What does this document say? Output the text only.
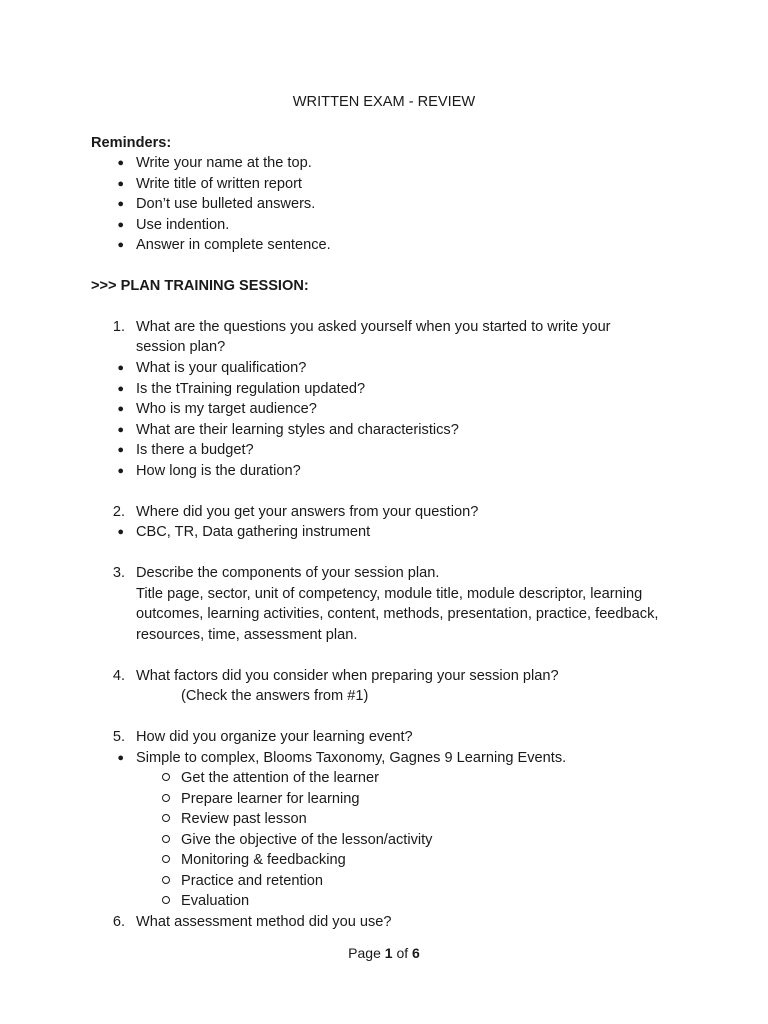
WRITTEN EXAM - REVIEW
Reminders:
● Write your name at the top.
● Write title of written report
● Don’t use bulleted answers.
● Use indention.
● Answer in complete sentence.
>>> PLAN TRAINING SESSION:
1. What are the questions you asked yourself when you started to write your
session plan?
● What is your qualification?
● Is the tTraining regulation updated?
● Who is my target audience?
● What are their learning styles and characteristics?
● Is there a budget?
● How long is the duration?
2. Where did you get your answers from your question?
● CBC, TR, Data gathering instrument
3. Describe the components of your session plan.
Title page, sector, unit of competency, module title, module descriptor, learning
outcomes, learning activities, content, methods, presentation, practice, feedback,
resources, time, assessment plan.
4. What factors did you consider when preparing your session plan?
(Check the answers from #1)
5. How did you organize your learning event?
● Simple to complex, Blooms Taxonomy, Gagnes 9 Learning Events.
Get the attention of the learner
Prepare learner for learning
Review past lesson
Give the objective of the lesson/activity
Monitoring & feedbacking
Practice and retention
Evaluation
6. What assessment method did you use?
Page 1 of 6
